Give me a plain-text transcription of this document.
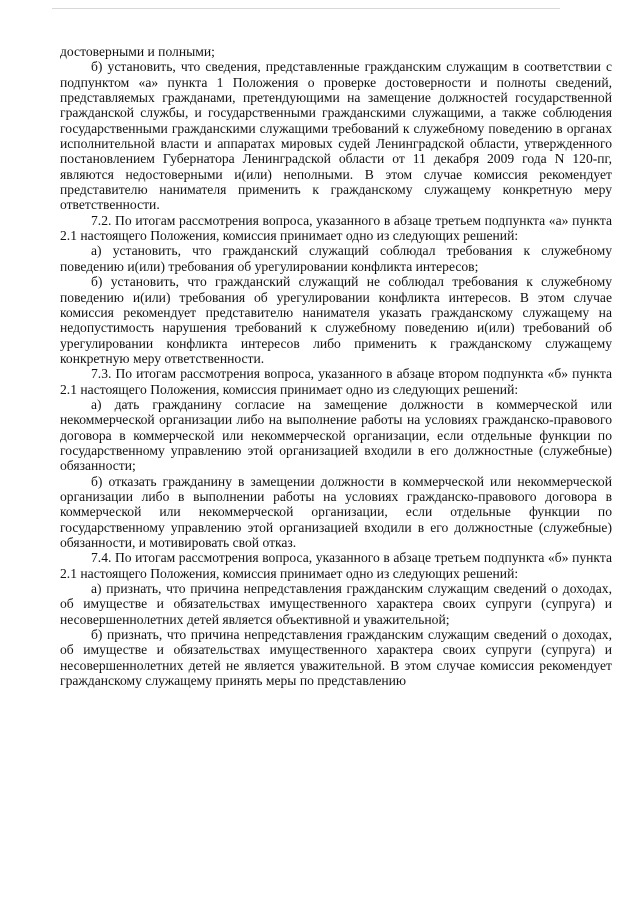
достоверными и полными;

б) установить, что сведения, представленные гражданским служащим в соответствии с подпунктом «а» пункта 1 Положения о проверке достоверности и полноты сведений, представляемых гражданами, претендующими на замещение должностей государственной гражданской службы, и государственными гражданскими служащими, а также соблюдения государственными гражданскими служащими требований к служебному поведению в органах исполнительной власти и аппаратах мировых судей Ленинградской области, утвержденного постановлением Губернатора Ленинградской области от 11 декабря 2009 года N 120-пг, являются недостоверными и(или) неполными. В этом случае комиссия рекомендует представителю нанимателя применить к гражданскому служащему конкретную меру ответственности.

7.2. По итогам рассмотрения вопроса, указанного в абзаце третьем подпункта «а» пункта 2.1 настоящего Положения, комиссия принимает одно из следующих решений:

а) установить, что гражданский служащий соблюдал требования к служебному поведению и(или) требования об урегулировании конфликта интересов;

б) установить, что гражданский служащий не соблюдал требования к служебному поведению и(или) требования об урегулировании конфликта интересов. В этом случае комиссия рекомендует представителю нанимателя указать гражданскому служащему на недопустимость нарушения требований к служебному поведению и(или) требований об урегулировании конфликта интересов либо применить к гражданскому служащему конкретную меру ответственности.

7.3. По итогам рассмотрения вопроса, указанного в абзаце втором подпункта «б» пункта 2.1 настоящего Положения, комиссия принимает одно из следующих решений:

а) дать гражданину согласие на замещение должности в коммерческой или некоммерческой организации либо на выполнение работы на условиях гражданско-правового договора в коммерческой или некоммерческой организации, если отдельные функции по государственному управлению этой организацией входили в его должностные (служебные) обязанности;

б) отказать гражданину в замещении должности в коммерческой или некоммерческой организации либо в выполнении работы на условиях гражданско-правового договора в коммерческой или некоммерческой организации, если отдельные функции по государственному управлению этой организацией входили в его должностные (служебные) обязанности, и мотивировать свой отказ.

7.4. По итогам рассмотрения вопроса, указанного в абзаце третьем подпункта «б» пункта 2.1 настоящего Положения, комиссия принимает одно из следующих решений:

а) признать, что причина непредставления гражданским служащим сведений о доходах, об имуществе и обязательствах имущественного характера своих супруги (супруга) и несовершеннолетних детей является объективной и уважительной;

б) признать, что причина непредставления гражданским служащим сведений о доходах, об имуществе и обязательствах имущественного характера своих супруги (супруга) и несовершеннолетних детей не является уважительной. В этом случае комиссия рекомендует гражданскому служащему принять меры по представлению
